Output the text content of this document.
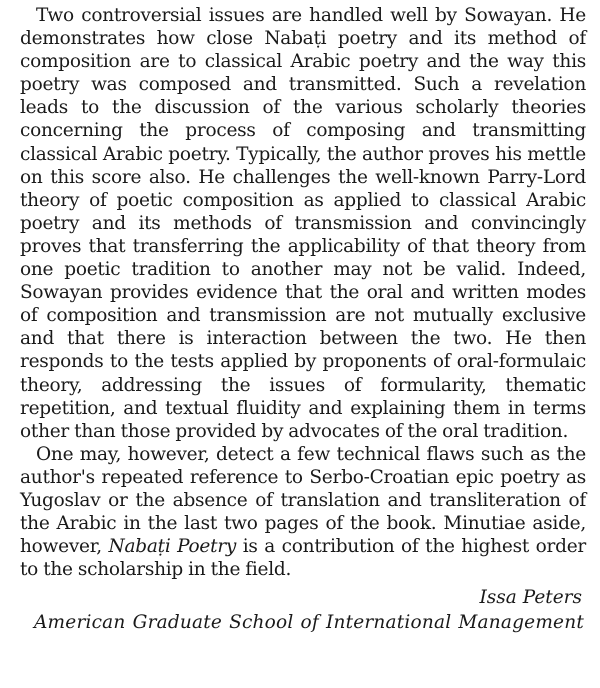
Two controversial issues are handled well by Sowayan. He demonstrates how close Nabaṭi poetry and its method of composition are to classical Arabic poetry and the way this poetry was composed and transmitted. Such a revelation leads to the discussion of the various scholarly theories concerning the process of composing and transmitting classical Arabic poetry. Typically, the author proves his mettle on this score also. He challenges the well-known Parry-Lord theory of poetic composition as applied to classical Arabic poetry and its methods of transmission and convincingly proves that transferring the applicability of that theory from one poetic tradition to another may not be valid. Indeed, Sowayan provides evidence that the oral and written modes of composition and transmission are not mutually exclusive and that there is interaction between the two. He then responds to the tests applied by proponents of oral-formulaic theory, addressing the issues of formularity, thematic repetition, and textual fluidity and explaining them in terms other than those provided by advocates of the oral tradition.

One may, however, detect a few technical flaws such as the author's repeated reference to Serbo-Croatian epic poetry as Yugoslav or the absence of translation and transliteration of the Arabic in the last two pages of the book. Minutiae aside, however, Nabaṭi Poetry is a contribution of the highest order to the scholarship in the field.

Issa Peters

American Graduate School of International Management
